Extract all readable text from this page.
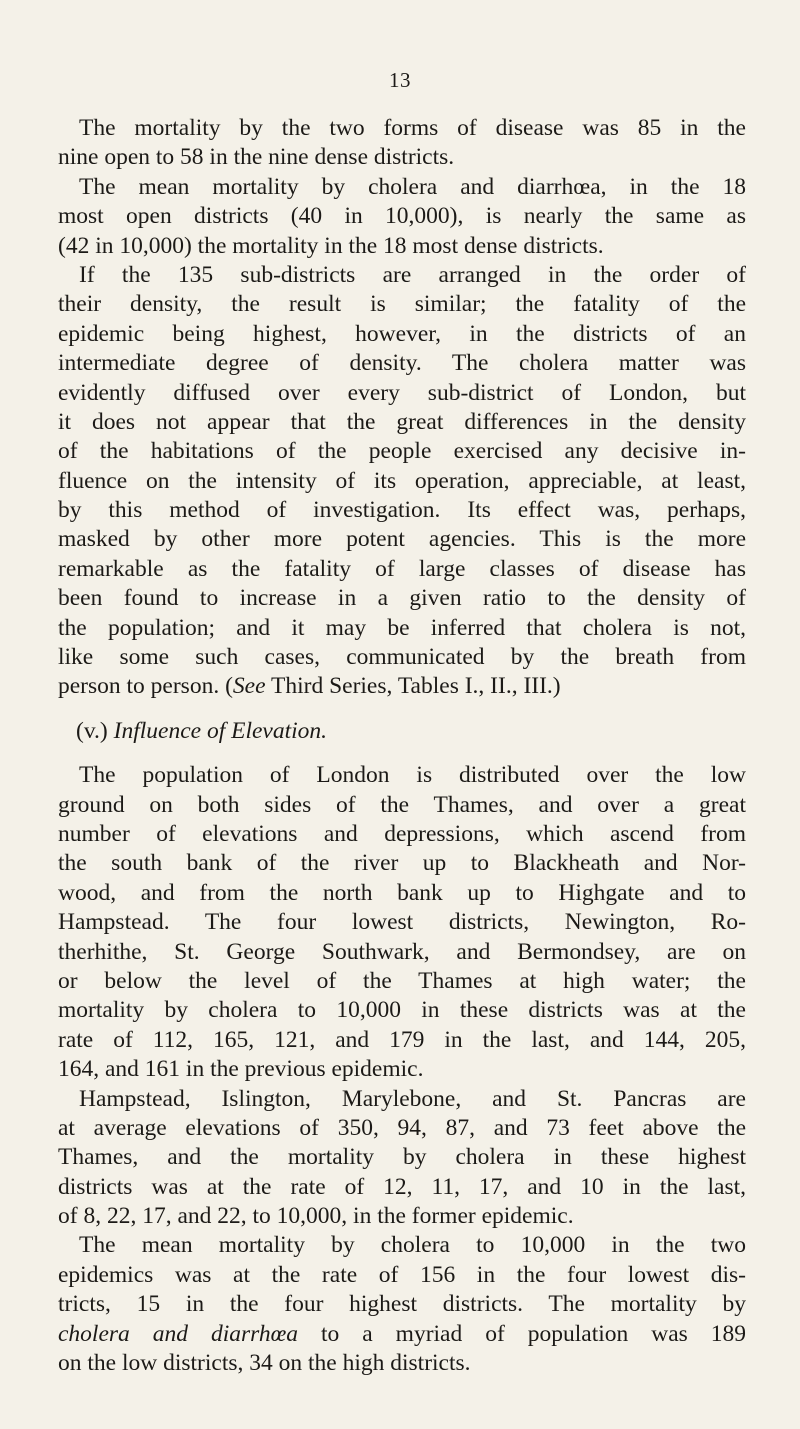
13
The mortality by the two forms of disease was 85 in the
nine open to 58 in the nine dense districts.
The mean mortality by cholera and diarrhœa, in the 18
most open districts (40 in 10,000), is nearly the same as
(42 in 10,000) the mortality in the 18 most dense districts.
If the 135 sub-districts are arranged in the order of
their density, the result is similar; the fatality of the
epidemic being highest, however, in the districts of an
intermediate degree of density. The cholera matter was
evidently diffused over every sub-district of London, but
it does not appear that the great differences in the density
of the habitations of the people exercised any decisive in-
fluence on the intensity of its operation, appreciable, at least,
by this method of investigation. Its effect was, perhaps,
masked by other more potent agencies. This is the more
remarkable as the fatality of large classes of disease has
been found to increase in a given ratio to the density of
the population; and it may be inferred that cholera is not,
like some such cases, communicated by the breath from
person to person. (See Third Series, Tables I., II., III.)
(v.) Influence of Elevation.
The population of London is distributed over the low
ground on both sides of the Thames, and over a great
number of elevations and depressions, which ascend from
the south bank of the river up to Blackheath and Nor-
wood, and from the north bank up to Highgate and to
Hampstead. The four lowest districts, Newington, Ro-
therhithe, St. George Southwark, and Bermondsey, are on
or below the level of the Thames at high water; the
mortality by cholera to 10,000 in these districts was at the
rate of 112, 165, 121, and 179 in the last, and 144, 205,
164, and 161 in the previous epidemic.
Hampstead, Islington, Marylebone, and St. Pancras are
at average elevations of 350, 94, 87, and 73 feet above the
Thames, and the mortality by cholera in these highest
districts was at the rate of 12, 11, 17, and 10 in the last,
of 8, 22, 17, and 22, to 10,000, in the former epidemic.
The mean mortality by cholera to 10,000 in the two
epidemics was at the rate of 156 in the four lowest dis-
tricts, 15 in the four highest districts. The mortality by
cholera and diarrhœa to a myriad of population was 189
on the low districts, 34 on the high districts.
